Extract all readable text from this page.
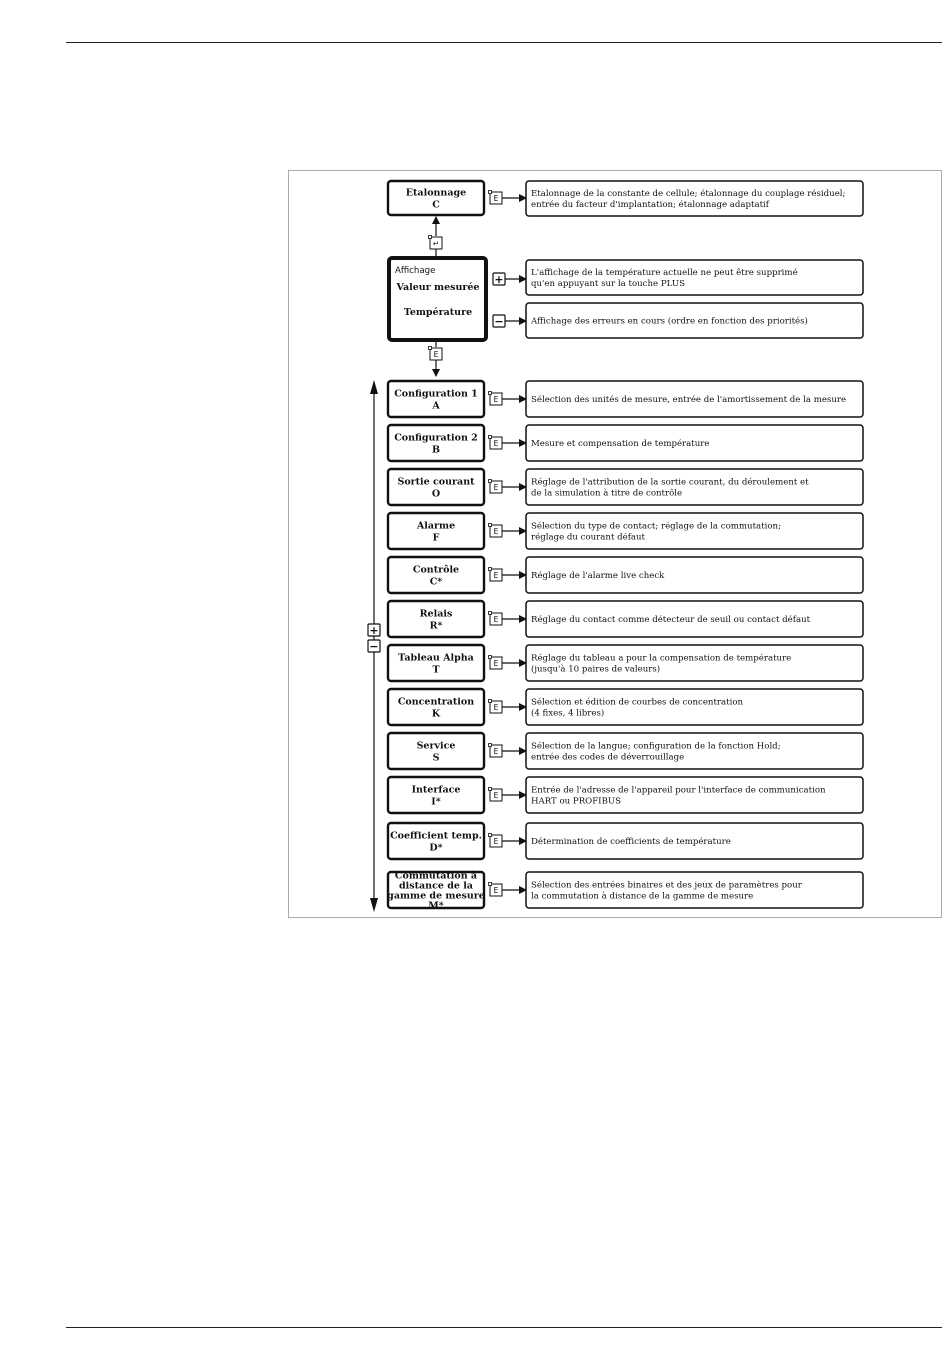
Etalonnage
C
E	Etalonnage de la constante de cellule; étalonnage du couplage résiduel;
entrée du facteur d'implantation; étalonnage adaptatif
↵
Affichage
Valeur mesurée
Température
+	L'affichage de la température actuelle ne peut être supprimé
qu'en appuyant sur la touche PLUS
−	Affichage des erreurs en cours (ordre en fonction des priorités)
E
+
−
Configuration 1
A
E	Sélection des unités de mesure, entrée de l'amortissement de la mesure
Configuration 2
B
E	Mesure et compensation de température
Sortie courant
O
E	Réglage de l'attribution de la sortie courant, du déroulement et
de la simulation à titre de contrôle
Alarme
F
E	Sélection du type de contact; réglage de la commutation;
réglage du courant défaut
Contrôle
C*
E	Réglage de l'alarme live check
Relais
R*
E	Réglage du contact comme détecteur de seuil ou contact défaut
Tableau Alpha
T
E	Réglage du tableau a pour la compensation de température
(jusqu'à 10 paires de valeurs)
Concentration
K
E	Sélection et édition de courbes de concentration
(4 fixes, 4 libres)
Service
S
E	Sélection de la langue; configuration de la fonction Hold;
entrée des codes de déverrouillage
Interface
I*
E	Entrée de l'adresse de l'appareil pour l'interface de communication
HART ou PROFIBUS
Coefficient temp.
D*
E	Détermination de coefficients de température
Commutation à
distance de la
gamme de mesure
M*
E	Sélection des entrées binaires et des jeux de paramètres pour
la commutation à distance de la gamme de mesure
